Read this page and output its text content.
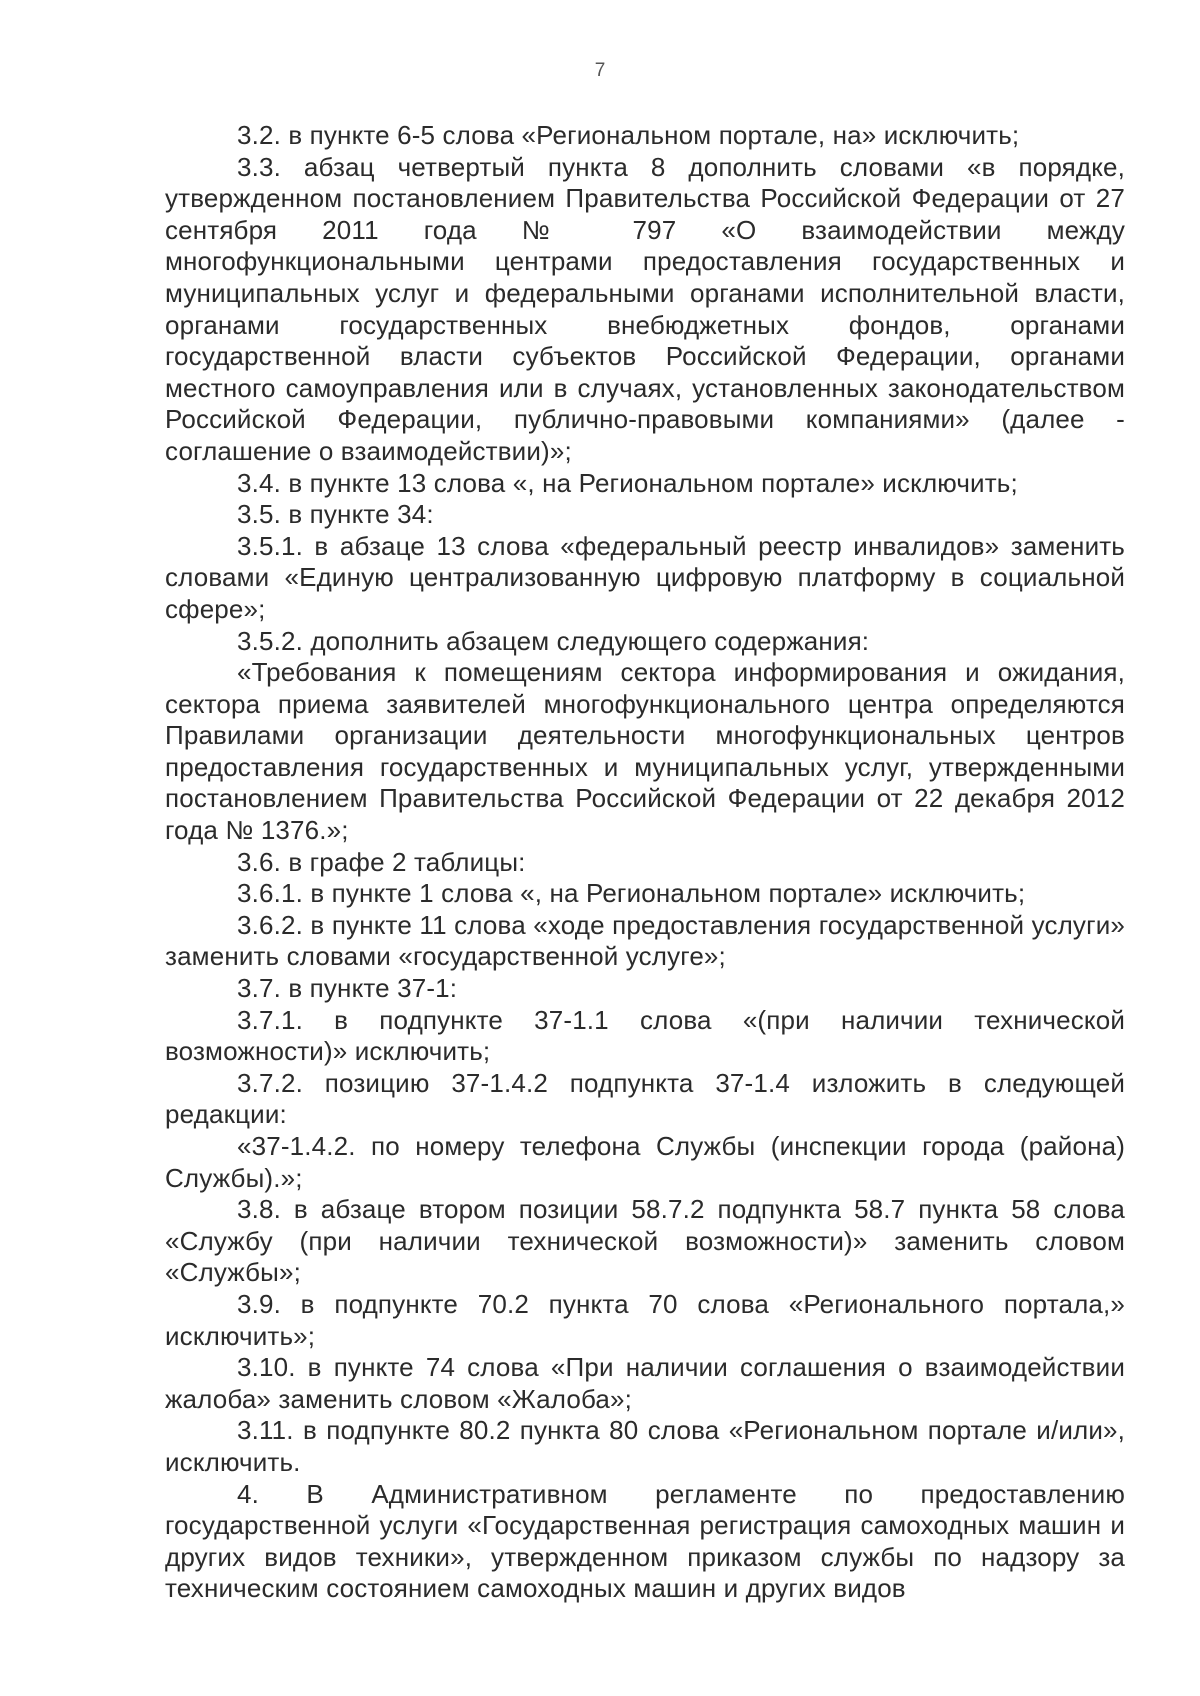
7

3.2. в пункте 6-5 слова «Региональном портале, на» исключить;

3.3. абзац четвертый пункта 8 дополнить словами «в порядке, утвержденном постановлением Правительства Российской Федерации от 27 сентября 2011 года № 797 «О взаимодействии между многофункциональными центрами предоставления государственных и муниципальных услуг и федеральными органами исполнительной власти, органами государственных внебюджетных фондов, органами государственной власти субъектов Российской Федерации, органами местного самоуправления или в случаях, установленных законодательством Российской Федерации, публично-правовыми компаниями» (далее - соглашение о взаимодействии)»;

3.4. в пункте 13 слова «, на Региональном портале» исключить;

3.5. в пункте 34:

3.5.1. в абзаце 13 слова «федеральный реестр инвалидов» заменить словами «Единую централизованную цифровую платформу в социальной сфере»;

3.5.2. дополнить абзацем следующего содержания:

«Требования к помещениям сектора информирования и ожидания, сектора приема заявителей многофункционального центра определяются Правилами организации деятельности многофункциональных центров предоставления государственных и муниципальных услуг, утвержденными постановлением Правительства Российской Федерации от 22 декабря 2012 года № 1376.»;

3.6. в графе 2 таблицы:

3.6.1. в пункте 1 слова «, на Региональном портале» исключить;

3.6.2. в пункте 11 слова «ходе предоставления государственной услуги» заменить словами «государственной услуге»;

3.7. в пункте 37-1:

3.7.1. в подпункте 37-1.1 слова «(при наличии технической возможности)» исключить;

3.7.2. позицию 37-1.4.2 подпункта 37-1.4 изложить в следующей редакции:

«37-1.4.2. по номеру телефона Службы (инспекции города (района) Службы).»;

3.8. в абзаце втором позиции 58.7.2 подпункта 58.7 пункта 58 слова «Службу (при наличии технической возможности)» заменить словом «Службы»;

3.9. в подпункте 70.2 пункта 70 слова «Регионального портала,» исключить»;

3.10. в пункте 74 слова «При наличии соглашения о взаимодействии жалоба» заменить словом «Жалоба»;

3.11. в подпункте 80.2 пункта 80 слова «Региональном портале и/или», исключить.

4. В Административном регламенте по предоставлению государственной услуги «Государственная регистрация самоходных машин и других видов техники», утвержденном приказом службы по надзору за техническим состоянием самоходных машин и других видов
